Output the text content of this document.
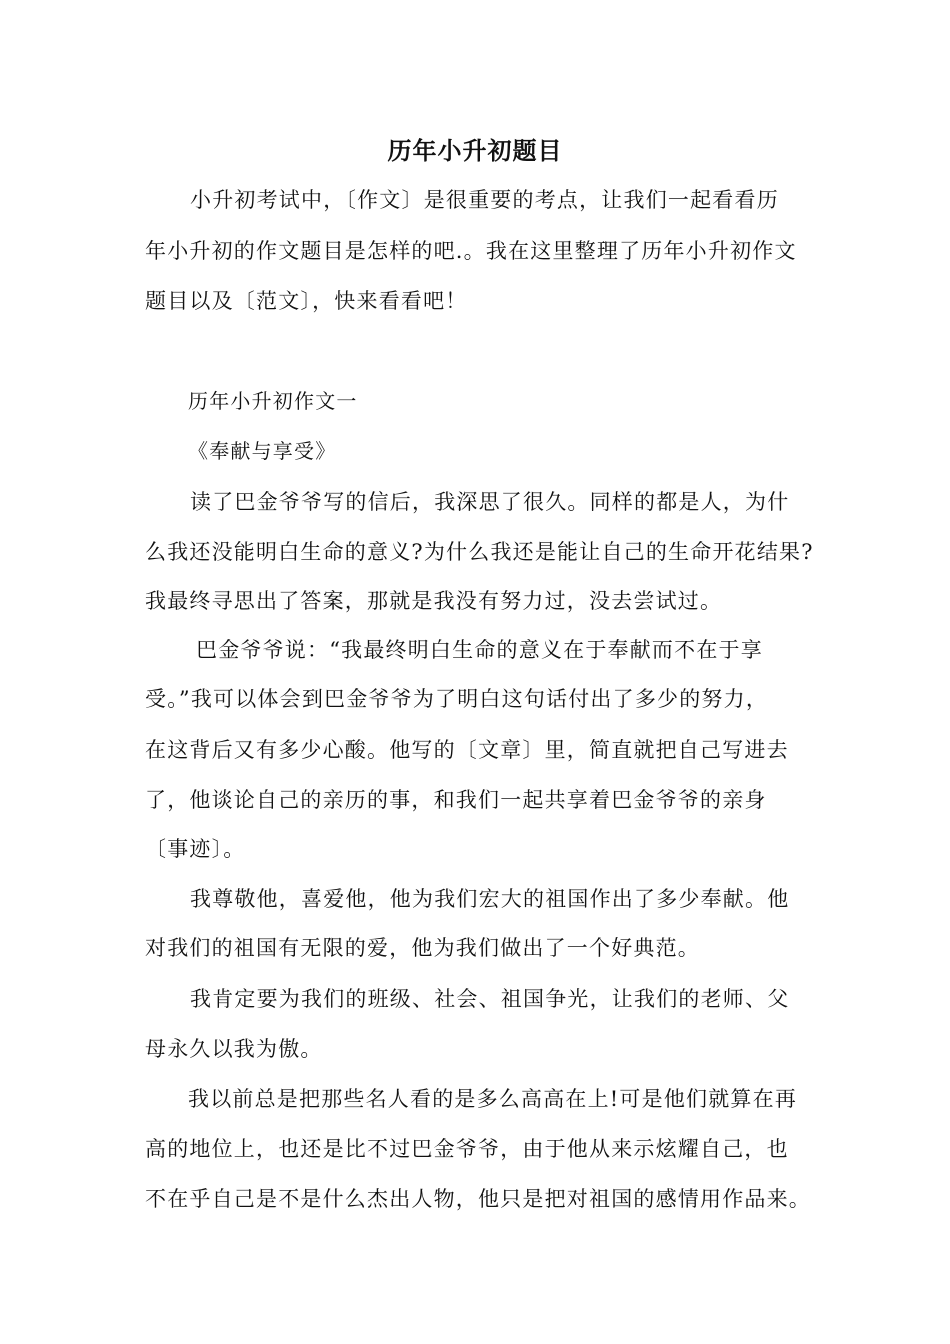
历年小升初题目
小升初考试中，〔作文〕是很重要的考点，让我们一起看看历
年小升初的作文题目是怎样的吧.。我在这里整理了历年小升初作文
题目以及〔范文〕，快来看看吧！
历年小升初作文一
《奉献与享受》
读了巴金爷爷写的信后，我深思了很久。同样的都是人，为什
么我还没能明白生命的意义?为什么我还是能让自己的生命开花结果?
我最终寻思出了答案，那就是我没有努力过，没去尝试过。
巴金爷爷说：“我最终明白生命的意义在于奉献而不在于享
受。”我可以体会到巴金爷爷为了明白这句话付出了多少的努力，
在这背后又有多少心酸。他写的〔文章〕里，简直就把自己写进去
了，他谈论自己的亲历的事，和我们一起共享着巴金爷爷的亲身
〔事迹〕。
我尊敬他，喜爱他，他为我们宏大的祖国作出了多少奉献。他
对我们的祖国有无限的爱，他为我们做出了一个好典范。
我肯定要为我们的班级、社会、祖国争光，让我们的老师、父
母永久以我为傲。
我以前总是把那些名人看的是多么高高在上!可是他们就算在再
高的地位上，也还是比不过巴金爷爷，由于他从来示炫耀自己，也
不在乎自己是不是什么杰出人物，他只是把对祖国的感情用作品来。
